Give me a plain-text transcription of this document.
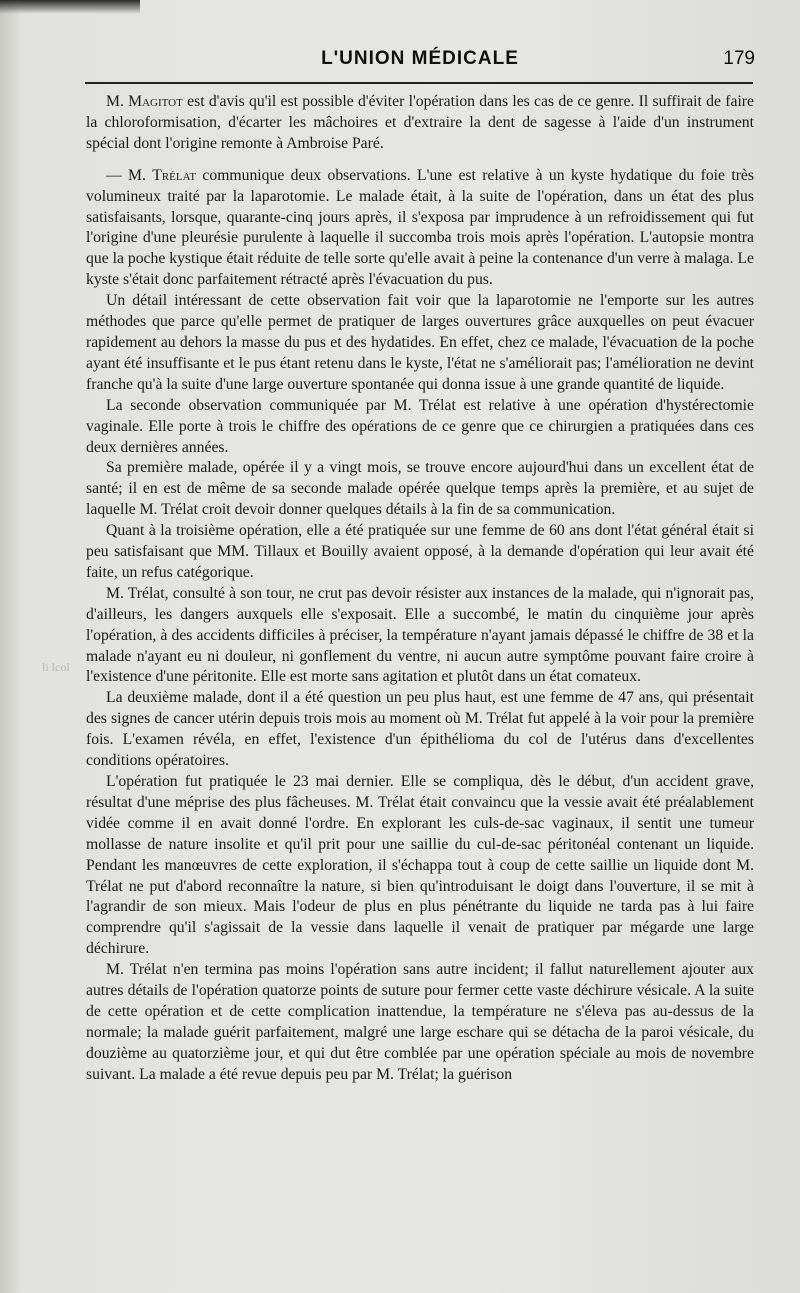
L'UNION MÉDICALE	179
li lcol

M. Magitot est d'avis qu'il est possible d'éviter l'opération dans les cas de ce genre. Il suffirait de faire la chloroformisation, d'écarter les mâchoires et d'extraire la dent de sagesse à l'aide d'un instrument spécial dont l'origine remonte à Ambroise Paré.

— M. Trélat communique deux observations. L'une est relative à un kyste hydatique du foie très volumineux traité par la laparotomie. Le malade était, à la suite de l'opération, dans un état des plus satisfaisants, lorsque, quarante-cinq jours après, il s'exposa par imprudence à un refroidissement qui fut l'origine d'une pleurésie purulente à laquelle il succomba trois mois après l'opération. L'autopsie montra que la poche kystique était réduite de telle sorte qu'elle avait à peine la contenance d'un verre à malaga. Le kyste s'était donc parfaitement rétracté après l'évacuation du pus.

Un détail intéressant de cette observation fait voir que la laparotomie ne l'emporte sur les autres méthodes que parce qu'elle permet de pratiquer de larges ouvertures grâce auxquelles on peut évacuer rapidement au dehors la masse du pus et des hydatides. En effet, chez ce malade, l'évacuation de la poche ayant été insuffisante et le pus étant retenu dans le kyste, l'état ne s'améliorait pas; l'amélioration ne devint franche qu'à la suite d'une large ouverture spontanée qui donna issue à une grande quantité de liquide.

La seconde observation communiquée par M. Trélat est relative à une opération d'hystérectomie vaginale. Elle porte à trois le chiffre des opérations de ce genre que ce chirurgien a pratiquées dans ces deux dernières années.

Sa première malade, opérée il y a vingt mois, se trouve encore aujourd'hui dans un excellent état de santé; il en est de même de sa seconde malade opérée quelque temps après la première, et au sujet de laquelle M. Trélat croit devoir donner quelques détails à la fin de sa communication.

Quant à la troisième opération, elle a été pratiquée sur une femme de 60 ans dont l'état général était si peu satisfaisant que MM. Tillaux et Bouilly avaient opposé, à la demande d'opération qui leur avait été faite, un refus catégorique.

M. Trélat, consulté à son tour, ne crut pas devoir résister aux instances de la malade, qui n'ignorait pas, d'ailleurs, les dangers auxquels elle s'exposait. Elle a succombé, le matin du cinquième jour après l'opération, à des accidents difficiles à préciser, la température n'ayant jamais dépassé le chiffre de 38 et la malade n'ayant eu ni douleur, ni gonflement du ventre, ni aucun autre symptôme pouvant faire croire à l'existence d'une péritonite. Elle est morte sans agitation et plutôt dans un état comateux.

La deuxième malade, dont il a été question un peu plus haut, est une femme de 47 ans, qui présentait des signes de cancer utérin depuis trois mois au moment où M. Trélat fut appelé à la voir pour la première fois. L'examen révéla, en effet, l'existence d'un épithélioma du col de l'utérus dans d'excellentes conditions opératoires.

L'opération fut pratiquée le 23 mai dernier. Elle se compliqua, dès le début, d'un accident grave, résultat d'une méprise des plus fâcheuses. M. Trélat était convaincu que la vessie avait été préalablement vidée comme il en avait donné l'ordre. En explorant les culs-de-sac vaginaux, il sentit une tumeur mollasse de nature insolite et qu'il prit pour une saillie du cul-de-sac péritonéal contenant un liquide. Pendant les manœuvres de cette exploration, il s'échappa tout à coup de cette saillie un liquide dont M. Trélat ne put d'abord reconnaître la nature, si bien qu'introduisant le doigt dans l'ouverture, il se mit à l'agrandir de son mieux. Mais l'odeur de plus en plus pénétrante du liquide ne tarda pas à lui faire comprendre qu'il s'agissait de la vessie dans laquelle il venait de pratiquer par mégarde une large déchirure.

M. Trélat n'en termina pas moins l'opération sans autre incident; il fallut naturellement ajouter aux autres détails de l'opération quatorze points de suture pour fermer cette vaste déchirure vésicale. A la suite de cette opération et de cette complication inattendue, la température ne s'éleva pas au-dessus de la normale; la malade guérit parfaitement, malgré une large eschare qui se détacha de la paroi vésicale, du douzième au quatorzième jour, et qui dut être comblée par une opération spéciale au mois de novembre suivant. La malade a été revue depuis peu par M. Trélat; la guérison
